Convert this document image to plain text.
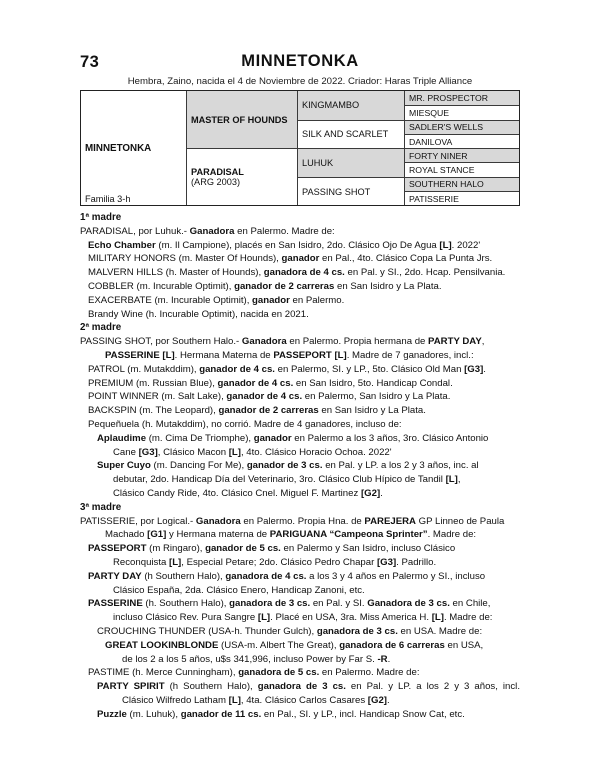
73	MINNETONKA
Hembra, Zaino, nacida el 4 de Noviembre de 2022. Criador: Haras Triple Alliance
MINNETONKA
Familia 3-h
MASTER OF HOUNDS
PARADISAL
(ARG 2003)
KINGMAMBO
SILK AND SCARLET
LUHUK
PASSING SHOT
MR. PROSPECTOR
MIESQUE
SADLER'S WELLS
DANILOVA
FORTY NINER
ROYAL STANCE
SOUTHERN HALO
PATISSERIE
1ª madre
PARADISAL, por Luhuk.- Ganadora en Palermo. Madre de:
Echo Chamber (m. Il Campione), placés en San Isidro, 2do. Clásico Ojo De Agua [L]. 2022'
MILITARY HONORS (m. Master Of Hounds), ganador en Pal., 4to. Clásico Copa La Punta Jrs.
MALVERN HILLS (h. Master of Hounds), ganadora de 4 cs. en Pal. y SI., 2do. Hcap. Pensilvania.
COBBLER (m. Incurable Optimit), ganador de 2 carreras en San Isidro y La Plata.
EXACERBATE (m. Incurable Optimit), ganador en Palermo.
Brandy Wine (h. Incurable Optimit), nacida en 2021.
2ª madre
PASSING SHOT, por Southern Halo.- Ganadora en Palermo. Propia hermana de PARTY DAY,
PASSERINE [L]. Hermana Materna de PASSEPORT [L]. Madre de 7 ganadores, incl.:
PATROL (m. Mutakddim), ganador de 4 cs. en Palermo, SI. y LP., 5to. Clásico Old Man [G3].
PREMIUM (m. Russian Blue), ganador de 4 cs. en San Isidro, 5to. Handicap Condal.
POINT WINNER (m. Salt Lake), ganador de 4 cs. en Palermo, San Isidro y La Plata.
BACKSPIN (m. The Leopard), ganador de 2 carreras en San Isidro y La Plata.
Pequeñuela (h. Mutakddim), no corrió. Madre de 4 ganadores, incluso de:
Aplaudime (m. Cima De Triomphe), ganador en Palermo a los 3 años, 3ro. Clásico Antonio
Cane [G3], Clásico Macon [L], 4to. Clásico Horacio Ochoa. 2022'
Super Cuyo (m. Dancing For Me), ganador de 3 cs. en Pal. y LP. a los 2 y 3 años, inc. al
debutar, 2do. Handicap Día del Veterinario, 3ro. Clásico Club Hípico de Tandil [L],
Clásico Candy Ride, 4to. Clásico Cnel. Miguel F. Martinez [G2].
3ª madre
PATISSERIE, por Logical.- Ganadora en Palermo. Propia Hna. de PAREJERA GP Linneo de Paula
Machado [G1] y Hermana materna de PARIGUANA “Campeona Sprinter”. Madre de:
PASSEPORT (m Ringaro), ganador de 5 cs. en Palermo y San Isidro, incluso Clásico
Reconquista [L], Especial Petare; 2do. Clásico Pedro Chapar [G3]. Padrillo.
PARTY DAY (h Southern Halo), ganadora de 4 cs. a los 3 y 4 años en Palermo y SI., incluso
Clásico España, 2da. Clásico Enero, Handicap Zanoni, etc.
PASSERINE (h. Southern Halo), ganadora de 3 cs. en Pal. y SI. Ganadora de 3 cs. en Chile,
incluso Clásico Rev. Pura Sangre [L]. Placé en USA, 3ra. Miss America H. [L]. Madre de:
CROUCHING THUNDER (USA-h. Thunder Gulch), ganadora de 3 cs. en USA. Madre de:
GREAT LOOKINBLONDE (USA-m. Albert The Great), ganadora de 6 carreras en USA,
de los 2 a los 5 años, u$s 341,996, incluso Power by Far S. -R.
PASTIME (h. Merce Cunningham), ganadora de 5 cs. en Palermo. Madre de:
PARTY SPIRIT (h Southern Halo), ganadora de 3 cs. en Pal. y LP. a los 2 y 3 años, incl.
Clásico Wilfredo Latham [L], 4ta. Clásico Carlos Casares [G2].
Puzzle (m. Luhuk), ganador de 11 cs. en Pal., SI. y LP., incl. Handicap Snow Cat, etc.
